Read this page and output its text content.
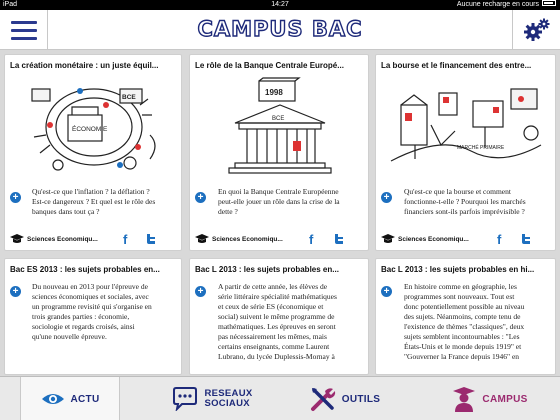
iPad	14:27	Aucune recharge en cours
CAMPUS BAC
La création monétaire : un juste équil...
ÉCONOMIE
BCE
+
Qu'est-ce que l'inflation ? la déflation ?
Est-ce dangereux ? Et quel est le rôle des
banques dans tout ça ?
Sciences Economiqu...	f
Le rôle de la Banque Centrale Europé...
1998
BCE
+
En quoi la Banque Centrale Européenne
peut-elle jouer un rôle dans la crise de la
dette ?
Sciences Economiqu...	f
La bourse et le financement des entre...
MARCHÉ PRIMAIRE
+
Qu'est-ce que la bourse et comment
fonctionne-t-elle ? Pourquoi les marchés
financiers sont-ils parfois imprévisible ?
Sciences Economiqu...	f
Bac ES 2013 : les sujets probables en...
+	Du nouveau en 2013 pour l'épreuve de
sciences économiques et sociales, avec
un programme revisité qui s'organise en
trois grandes parties : économie,
sociologie et regards croisés, ainsi
qu'une nouvelle épreuve.
Bac L 2013 : les sujets probables en...
+	A partir de cette année, les élèves de
série littéraire spécialité mathématiques
et ceux de série ES (économique et
social) suivent le même programme de
mathématiques. Les épreuves en seront
pas nécessairement les mêmes, mais
certains enseignants, comme Laurent
Lubrano, du lycée Duplessis-Mornay à
Bac L 2013 : les sujets probables en hi...
+	En histoire comme en géographie, les
programmes sont nouveaux. Tout est
donc potentiellement possible au niveau
des sujets. Néanmoins, compte tenu de
l'existence de thèmes "classiques", deux
sujets semblent incontournables : "Les
États-Unis et le monde depuis 1919" et
"Gouverner la France depuis 1946" en
ACTU	RESEAUX
SOCIAUX	OUTILS	CAMPUS
